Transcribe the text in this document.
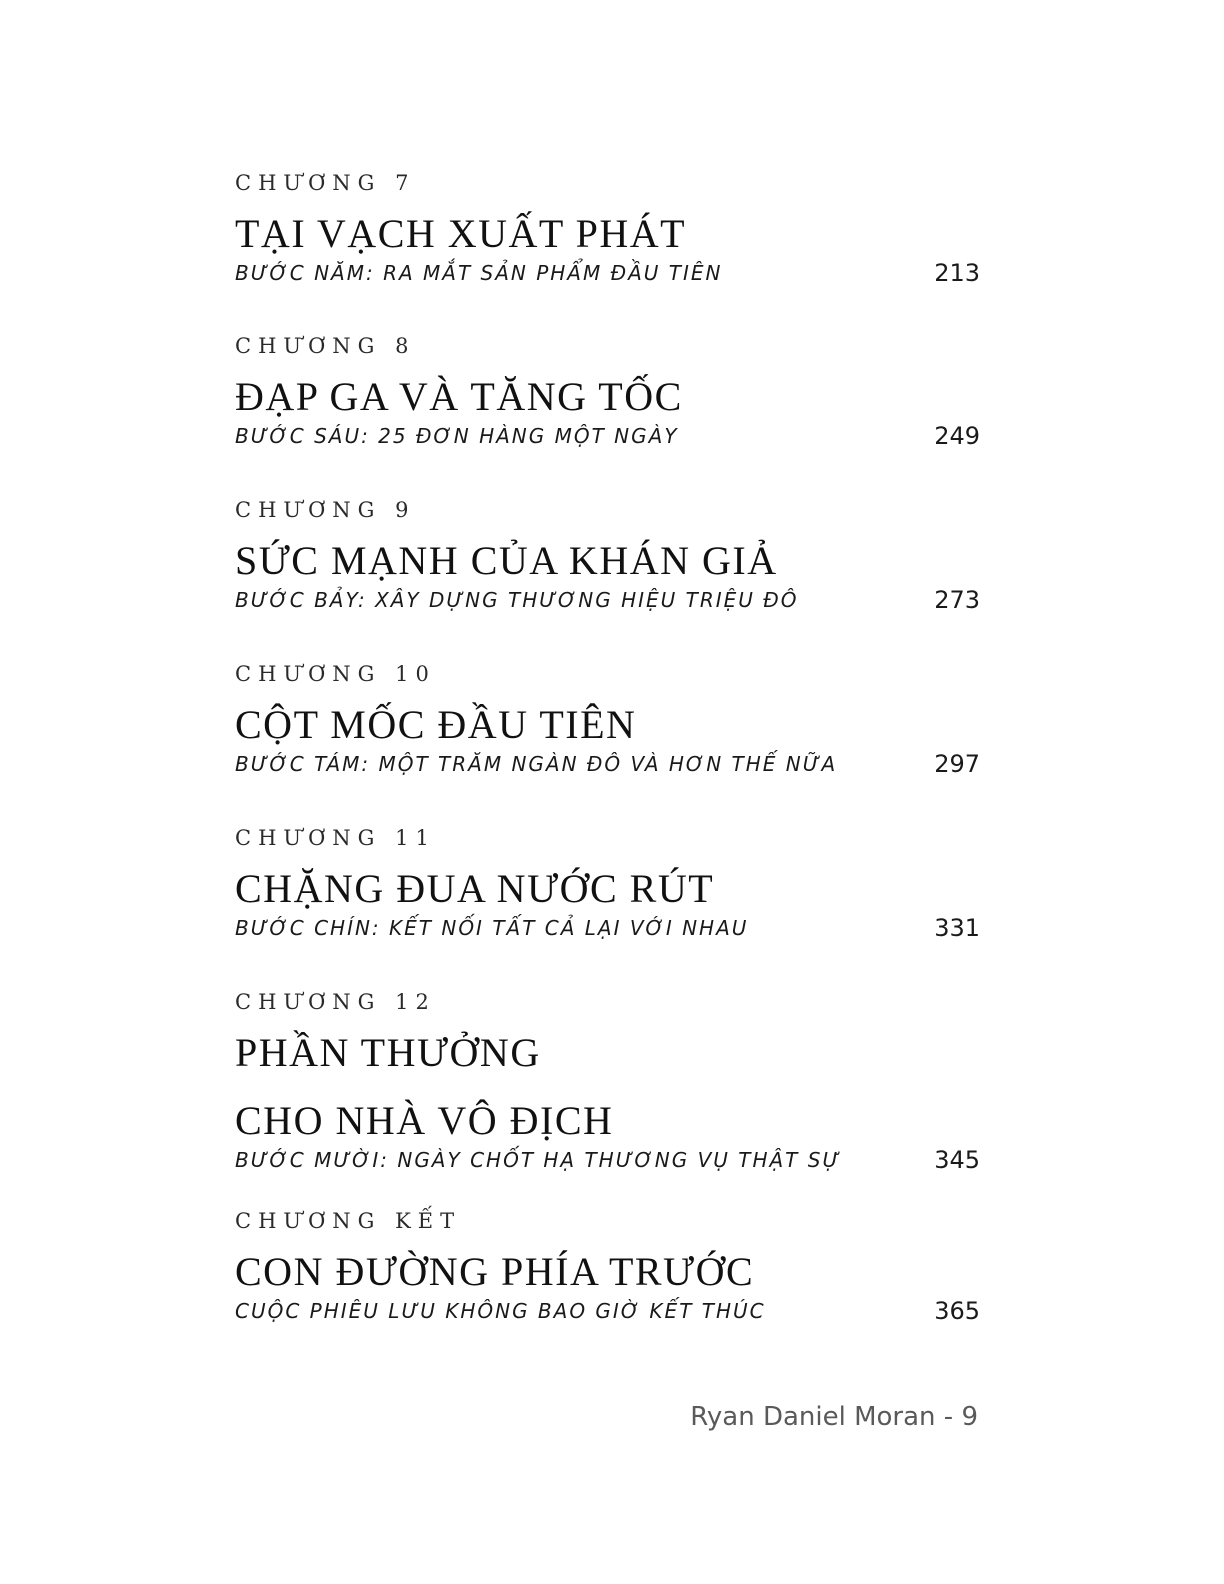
CHƯƠNG 7
TẠI VẠCH XUẤT PHÁT
BƯỚC NĂM: RA MẮT SẢN PHẨM ĐẦU TIÊN	213
CHƯƠNG 8
ĐẠP GA VÀ TĂNG TỐC
BƯỚC SÁU: 25 ĐƠN HÀNG MỘT NGÀY	249
CHƯƠNG 9
SỨC MẠNH CỦA KHÁN GIẢ
BƯỚC BẢY: XÂY DỰNG THƯƠNG HIỆU TRIỆU ĐÔ	273
CHƯƠNG 10
CỘT MỐC ĐẦU TIÊN
BƯỚC TÁM: MỘT TRĂM NGÀN ĐÔ VÀ HƠN THẾ NỮA	297
CHƯƠNG 11
CHẶNG ĐUA NƯỚC RÚT
BƯỚC CHÍN: KẾT NỐI TẤT CẢ LẠI VỚI NHAU	331
CHƯƠNG 12
PHẦN THƯỞNG
CHO NHÀ VÔ ĐỊCH
BƯỚC MƯỜI: NGÀY CHỐT HẠ THƯƠNG VỤ THẬT SỰ	345
CHƯƠNG KẾT
CON ĐƯỜNG PHÍA TRƯỚC
CUỘC PHIÊU LƯU KHÔNG BAO GIỜ KẾT THÚC	365
Ryan Daniel Moran - 9
